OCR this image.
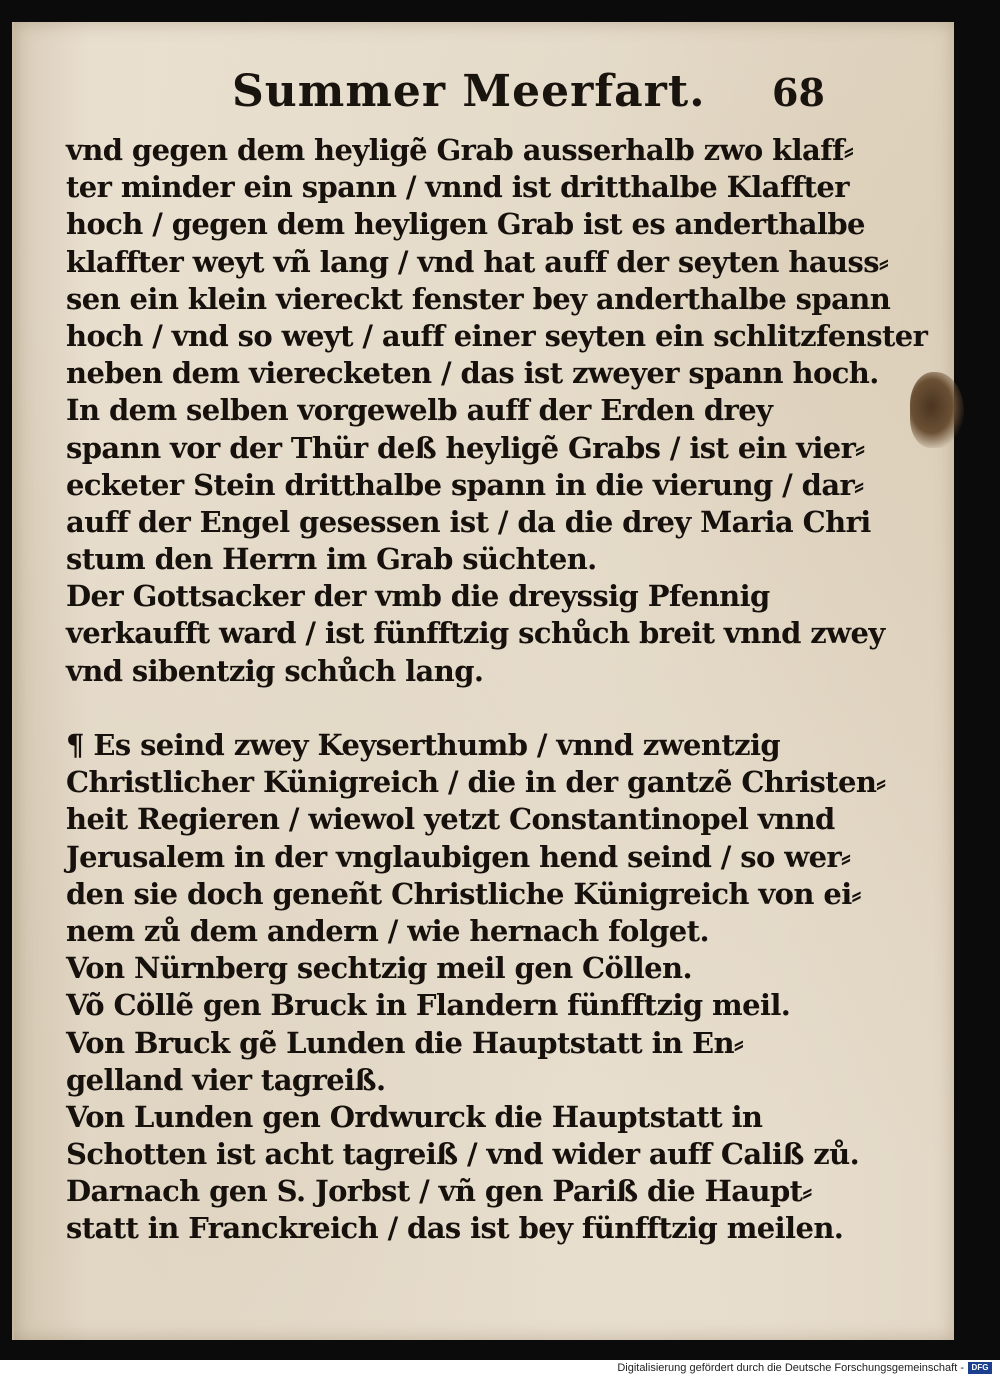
Summer Meerfart. 68
vnd gegen dem heyligẽ Grab ausserhalb zwo klaff⸗
ter minder ein spann / vnnd ist dritthalbe Klaffter
hoch / gegen dem heyligen Grab ist es anderthalbe
klaffter weyt vñ lang / vnd hat auff der seyten hauss⸗
sen ein klein viereckt fenster bey anderthalbe spann
hoch / vnd so weyt / auff einer seyten ein schlitzfenster
neben dem vierecketen / das ist zweyer spann hoch.
In dem selben vorgewelb auff der Erden drey
spann vor der Thür deß heyligẽ Grabs / ist ein vier⸗
ecketer Stein dritthalbe spann in die vierung / dar⸗
auff der Engel gesessen ist / da die drey Maria Chri
stum den Herrn im Grab süchten.
Der Gottsacker der vmb die dreyssig Pfennig
verkaufft ward / ist fünfftzig schůch breit vnnd zwey
vnd sibentzig schůch lang.
¶ Es seind zwey Keyserthumb / vnnd zwentzig
Christlicher Künigreich / die in der gantzẽ Christen⸗
heit Regieren / wiewol yetzt Constantinopel vnnd
Jerusalem in der vnglaubigen hend seind / so wer⸗
den sie doch geneñt Christliche Künigreich von ei⸗
nem zů dem andern / wie hernach folget.
Von Nürnberg sechtzig meil gen Cöllen.
Võ Cöllẽ gen Bruck in Flandern fünfftzig meil.
Von Bruck gẽ Lunden die Hauptstatt in En⸗
gelland vier tagreiß.
Von Lunden gen Ordwurck die Hauptstatt in
Schotten ist acht tagreiß / vnd wider auff Caliß zů.
Darnach gen S. Jorbst / vñ gen Pariß die Haupt⸗
statt in Franckreich / das ist bey fünfftzig meilen.
Digitalisierung gefördert durch die Deutsche Forschungsgemeinschaft - DFG
